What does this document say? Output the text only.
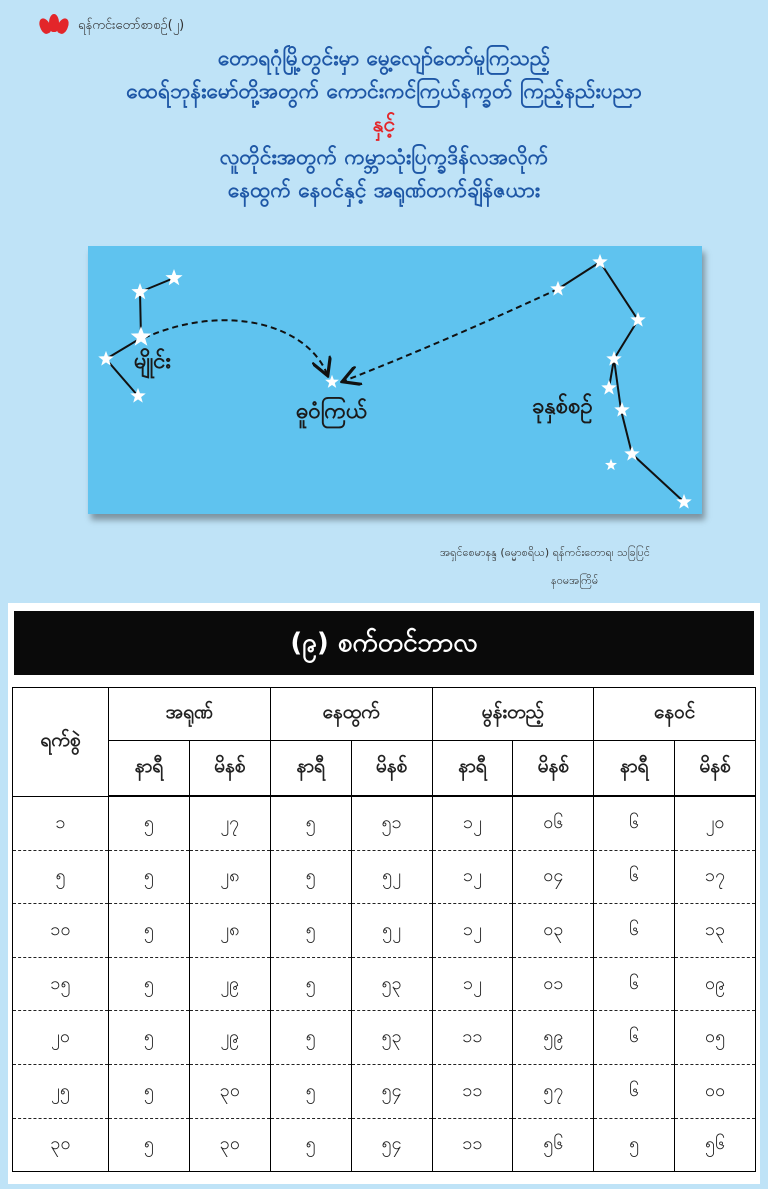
ရန်ကင်းတော်စာစဉ်(၂)
တောရဂုံမြို့တွင်းမှာ မွေ့လျော်တော်မူကြသည့်
ထေရ်ဘုန်းမော်တို့အတွက် ကောင်းကင်ကြယ်နက္ခတ် ကြည့်နည်းပညာ
နှင့်
လူတိုင်းအတွက် ကမ္ဘာသုံးပြက္ခဒိန်လအလိုက်
နေထွက် နေဝင်နှင့် အရုဏ်တက်ချိန်ဇယား
မျိုင်း
ဓူဝံကြယ်	ခုနှစ်စဉ်
အရှင်စေမာနန္ဒ (ဓမ္မာစရိယ) ရန်ကင်းတောရ၊ သခြပြင်
နဝမအကြိမ်
(၉) စက်တင်ဘာလ
ရက်စွဲ	အရုဏ်		နေထွက်		မွန်းတည့်		နေဝင်	
	နာရီ	မိနစ်	နာရီ	မိနစ်	နာရီ	မိနစ်	နာရီ	မိနစ်
၁	၅	၂၇	၅	၅၁	၁၂	၀၆	၆	၂၀
၅	၅	၂၈	၅	၅၂	၁၂	၀၄	၆	၁၇
၁၀	၅	၂၈	၅	၅၂	၁၂	၀၃	၆	၁၃
၁၅	၅	၂၉	၅	၅၃	၁၂	၀၁	၆	၀၉
၂၀	၅	၂၉	၅	၅၃	၁၁	၅၉	၆	၀၅
၂၅	၅	၃၀	၅	၅၄	၁၁	၅၇	၆	၀၀
၃၀	၅	၃၀	၅	၅၄	၁၁	၅၆	၅	၅၆
